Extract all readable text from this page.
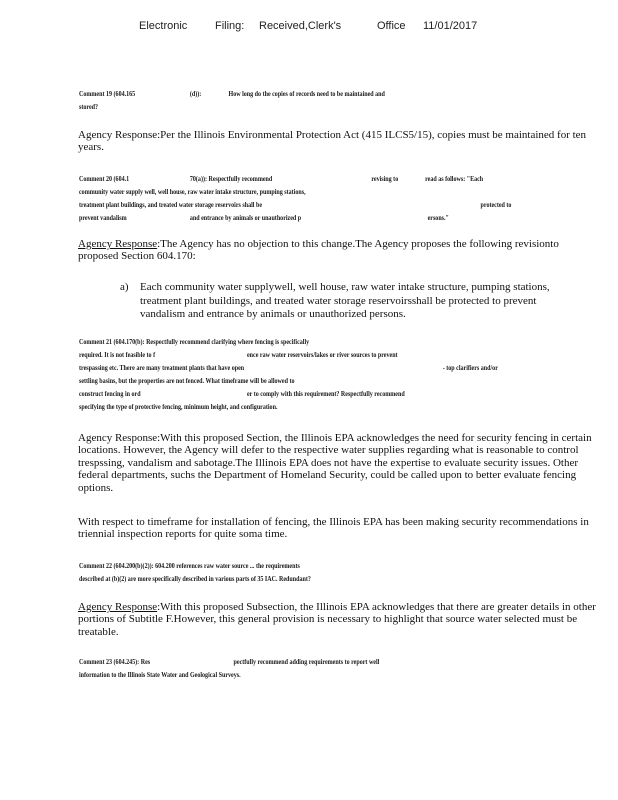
Electronic	Filing: Received,Clerk's	Office 11/01/2017
Comment 19 (604.165	(d)):	How long do the copies of records need to be maintained and
stored?
Agency Response:Per the Illinois Environmental Protection Act (415 ILCS5/15), copies must be maintained for ten years.
Comment 20 (604.1	70(a)): Respectfully recommend	revising to	read as follows: "Each
community water supply well, well house, raw water intake structure, pumping stations,
treatment plant buildings, and treated water storage reservoirs shall be	protected to
prevent vandalism	and entrance by animals or unauthorized p	ersons."
Agency Response:The Agency has no objection to this change.The Agency proposes the following revisionto proposed Section 604.170:
a) Each community water supplywell, well house, raw water intake structure, pumping stations, treatment plant buildings, and treated water storage reservoirsshall be protected to prevent vandalism and entrance by animals or unauthorized persons.
Comment 21 (604.170(b): Respectfully recommend clarifying where fencing is specifically
required. It is not feasible to f	ence raw water reservoirs/lakes or river sources to prevent
trespassing etc. There are many treatment plants that have open	- top clarifiers and/or
settling basins, but the properties are not fenced. What timeframe will be allowed to
construct fencing in ord	er to comply with this requirement? Respectfully recommend
specifying the type of protective fencing, minimum height, and configuration.
Agency Response:With this proposed Section, the Illinois EPA acknowledges the need for security fencing in certain locations. However, the Agency will defer to the respective water supplies regarding what is reasonable to control trespssing, vandalism and sabotage.The Illinois EPA does not have the expertise to evaluate security issues. Other federal departments, suchs the Department of Homeland Security, could be called upon to better evaluate fencing options.
With respect to timeframe for installation of fencing, the Illinois EPA has been making security recommendations in triennial inspection reports for quite soma time.
Comment 22 (604.200(b)(2)): 604.200 references raw water source ... the requirements
described at (b)(2) are more specifically described in various parts of 35 IAC. Redundant?
Agency Response:With this proposed Subsection, the Illinois EPA acknowledges that there are greater details in other portions of Subtitle F.However, this general provision is necessary to highlight that source water selected must be treatable.
Comment 23 (604.245): Res	pectfully recommend adding requirements to report well
information to the Illinois State Water and Geological Surveys.
